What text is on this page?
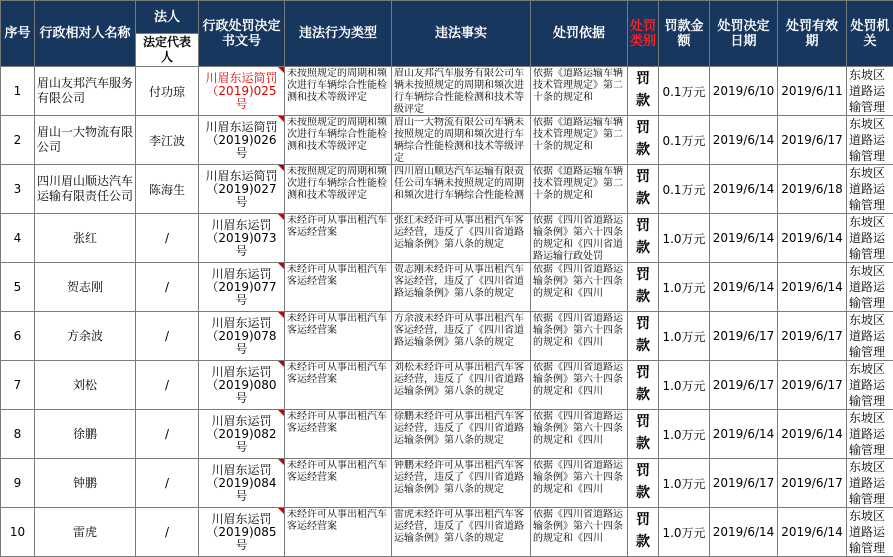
序号	行政相对人名称	法人	行政处罚决定书文号	违法行为类型	违法事实	处罚依据	处罚类别	罚款金额	处罚决定日期	处罚有效期	处罚机关
		法定代表人									
1	眉山友邦汽车服务有限公司	付功琼	川眉东运简罚（2019)025号	未按照规定的周期和频次进行车辆综合性能检测和技术等级评定	眉山友邦汽车服务有限公司车辆未按照规定的周期和频次进行车辆综合性能检测和技术等级评定	依据《道路运输车辆技术管理规定》第二十条的规定和	罚款	0.1万元	2019/6/10	2019/6/11	东坡区道路运输管理

2	眉山一大物流有限公司	李江波	川眉东运简罚（2019)026号	未按照规定的周期和频次进行车辆综合性能检测和技术等级评定	眉山一大物流有限公司车辆未按照规定的周期和频次进行车辆综合性能检测和技术等级评定	依据《道路运输车辆技术管理规定》第二十条的规定和	罚款	0.1万元	2019/6/14	2019/6/17	东坡区道路运输管理

3	四川眉山顺达汽车运输有限责任公司	陈海生	川眉东运简罚（2019)027号	未按照规定的周期和频次进行车辆综合性能检测和技术等级评定	四川眉山顺达汽车运输有限责任公司车辆未按照规定的周期和频次进行车辆综合性能检测	依据《道路运输车辆技术管理规定》第二十条的规定和	罚款	0.1万元	2019/6/14	2019/6/18	东坡区道路运输管理

4	张红	/	川眉东运罚（2019)073号	未经许可从事出租汽车客运经营案	张红未经许可从事出租汽车客运经营，违反了《四川省道路运输条例》第八条的规定	依据《四川省道路运输条例》第六十四条的规定和《四川省道路运输行政处罚	罚款	1.0万元	2019/6/14	2019/6/14	东坡区道路运输管理

5	贺志刚	/	川眉东运罚（2019)077号	未经许可从事出租汽车客运经营案	贺志刚未经许可从事出租汽车客运经营，违反了《四川省道路运输条例》第八条的规定	依据《四川省道路运输条例》第六十四条的规定和《四川	罚款	1.0万元	2019/6/14	2019/6/14	东坡区道路运输管理

6	方余波	/	川眉东运罚（2019)078号	未经许可从事出租汽车客运经营案	方余波未经许可从事出租汽车客运经营，违反了《四川省道路运输条例》第八条的规定	依据《四川省道路运输条例》第六十四条的规定和《四川	罚款	1.0万元	2019/6/17	2019/6/17	东坡区道路运输管理

7	刘松	/	川眉东运罚（2019)080号	未经许可从事出租汽车客运经营案	刘松未经许可从事出租汽车客运经营，违反了《四川省道路运输条例》第八条的规定	依据《四川省道路运输条例》第六十四条的规定和《四川	罚款	1.0万元	2019/6/17	2019/6/17	东坡区道路运输管理

8	徐鹏	/	川眉东运罚（2019)082号	未经许可从事出租汽车客运经营案	徐鹏未经许可从事出租汽车客运经营，违反了《四川省道路运输条例》第八条的规定	依据《四川省道路运输条例》第六十四条的规定和《四川	罚款	1.0万元	2019/6/14	2019/6/14	东坡区道路运输管理

9	钟鹏	/	川眉东运罚（2019)084号	未经许可从事出租汽车客运经营案	钟鹏未经许可从事出租汽车客运经营，违反了《四川省道路运输条例》第八条的规定	依据《四川省道路运输条例》第六十四条的规定和《四川	罚款	1.0万元	2019/6/17	2019/6/17	东坡区道路运输管理

10	雷虎	/	川眉东运罚（2019)085号	未经许可从事出租汽车客运经营案	雷虎未经许可从事出租汽车客运经营，违反了《四川省道路运输条例》第八条的规定	依据《四川省道路运输条例》第六十四条的规定和《四川	罚款	1.0万元	2019/6/14	2019/6/14	东坡区道路运输管理
